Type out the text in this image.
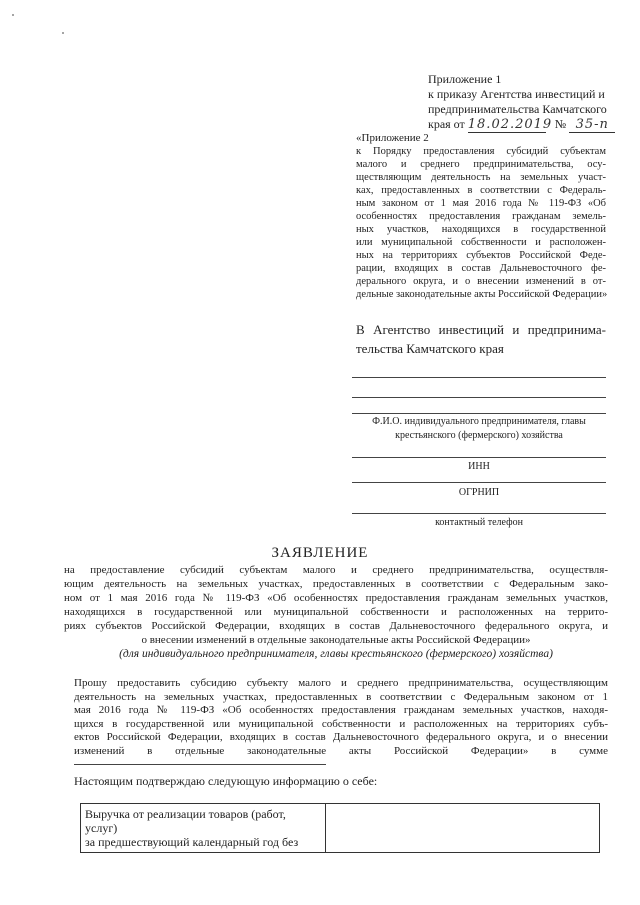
Приложение 1
к приказу Агентства инвестиций и
предпринимательства Камчатского
края от 18.02.2019 № 35-п
«Приложение 2
к Порядку предоставления субсидий субъектам
малого и среднего предпринимательства, осу-
ществляющим деятельность на земельных участ-
ках, предоставленных в соответствии с Федераль-
ным законом от 1 мая 2016 года № 119-ФЗ «Об
особенностях предоставления гражданам земель-
ных участков, находящихся в государственной
или муниципальной собственности и расположен-
ных на территориях субъектов Российской Феде-
рации, входящих в состав Дальневосточного фе-
дерального округа, и о внесении изменений в от-
дельные законодательные акты Российской Федерации»
В Агентство инвестиций и предпринима-
тельства Камчатского края
Ф.И.О. индивидуального предпринимателя, главы
крестьянского (фермерского) хозяйства
ИНН
ОГРНИП
контактный телефон
ЗАЯВЛЕНИЕ
на предоставление субсидий субъектам малого и среднего предпринимательства, осуществля-
ющим деятельность на земельных участках, предоставленных в соответствии с Федеральным зако-
ном от 1 мая 2016 года № 119-ФЗ «Об особенностях предоставления гражданам земельных участков,
находящихся в государственной или муниципальной собственности и расположенных на террито-
риях субъектов Российской Федерации, входящих в состав Дальневосточного федерального округа, и
о внесении изменений в отдельные законодательные акты Российской Федерации»
(для индивидуального предпринимателя, главы крестьянского (фермерского) хозяйства)
Прошу предоставить субсидию субъекту малого и среднего предпринимательства, осуществляющим
деятельность на земельных участках, предоставленных в соответствии с Федеральным законом от 1
мая 2016 года № 119-ФЗ «Об особенностях предоставления гражданам земельных участков, находя-
щихся в государственной или муниципальной собственности и расположенных на территориях субъ-
ектов Российской Федерации, входящих в состав Дальневосточного федерального округа, и о внесении
изменений в отдельные законодательные акты Российской Федерации» в сумме
Настоящим подтверждаю следующую информацию о себе:
Выручка от реализации товаров (работ, услуг)
за предшествующий календарный год без
